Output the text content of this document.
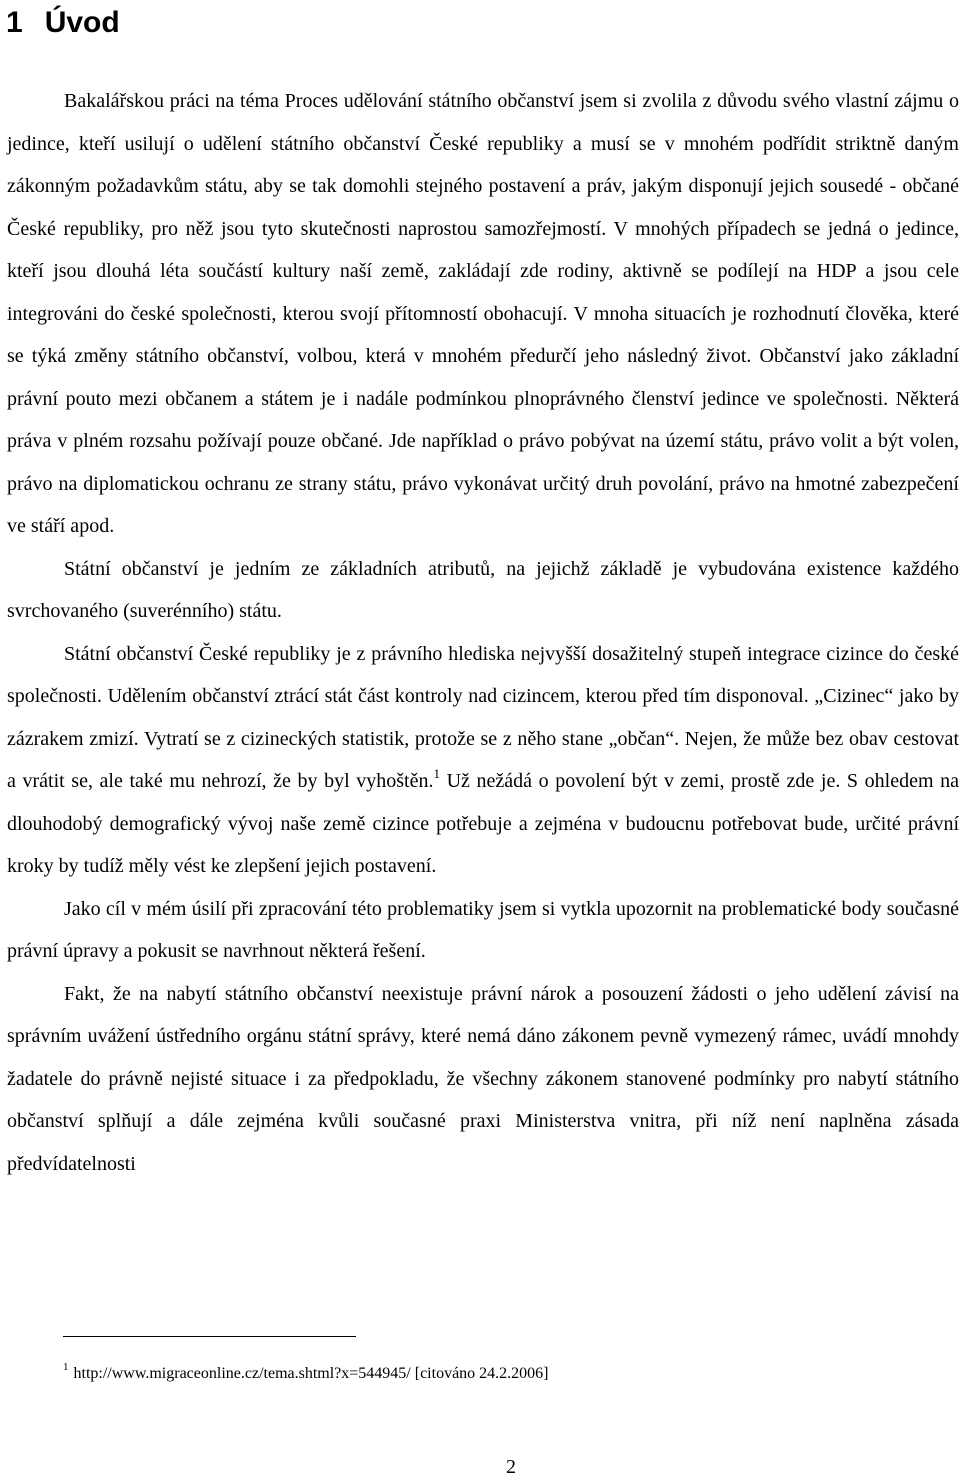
1 Úvod

Bakalářskou práci na téma Proces udělování státního občanství jsem si zvolila z důvodu svého vlastní zájmu o jedince, kteří usilují o udělení státního občanství České republiky a musí se v mnohém podřídit striktně daným zákonným požadavkům státu, aby se tak domohli stejného postavení a práv, jakým disponují jejich sousedé - občané České republiky, pro něž jsou tyto skutečnosti naprostou samozřejmostí. V mnohých případech se jedná o jedince, kteří jsou dlouhá léta součástí kultury naší země, zakládají zde rodiny, aktivně se podílejí na HDP a jsou cele integrováni do české společnosti, kterou svojí přítomností obohacují. V mnoha situacích je rozhodnutí člověka, které se týká změny státního občanství, volbou, která v mnohém předurčí jeho následný život. Občanství jako základní právní pouto mezi občanem a státem je i nadále podmínkou plnoprávného členství jedince ve společnosti. Některá práva v plném rozsahu požívají pouze občané. Jde například o právo pobývat na území státu, právo volit a být volen, právo na diplomatickou ochranu ze strany státu, právo vykonávat určitý druh povolání, právo na hmotné zabezpečení ve stáří apod.

Státní občanství je jedním ze základních atributů, na jejichž základě je vybudována existence každého svrchovaného (suverénního) státu.

Státní občanství České republiky je z právního hlediska nejvyšší dosažitelný stupeň integrace cizince do české společnosti. Udělením občanství ztrácí stát část kontroly nad cizincem, kterou před tím disponoval. „Cizinec“ jako by zázrakem zmizí. Vytratí se z cizineckých statistik, protože se z něho stane „občan“. Nejen, že může bez obav cestovat a vrátit se, ale také mu nehrozí, že by byl vyhoštěn.$^1$ Už nežádá o povolení být v zemi, prostě zde je. S ohledem na dlouhodobý demografický vývoj naše země cizince potřebuje a zejména v budoucnu potřebovat bude, určité právní kroky by tudíž měly vést ke zlepšení jejich postavení.

Jako cíl v mém úsilí při zpracování této problematiky jsem si vytkla upozornit na problematické body současné právní úpravy a pokusit se navrhnout některá řešení.

Fakt, že na nabytí státního občanství neexistuje právní nárok a posouzení žádosti o jeho udělení závisí na správním uvážení ústředního orgánu státní správy, které nemá dáno zákonem pevně vymezený rámec, uvádí mnohdy žadatele do právně nejisté situace i za předpokladu, že všechny zákonem stanovené podmínky pro nabytí státního občanství splňují a dále zejména kvůli současné praxi Ministerstva vnitra, při níž není naplněna zásada předvídatelnosti

$^1$ http://www.migraceonline.cz/tema.shtml?x=544945/ [citováno 24.2.2006]
2
